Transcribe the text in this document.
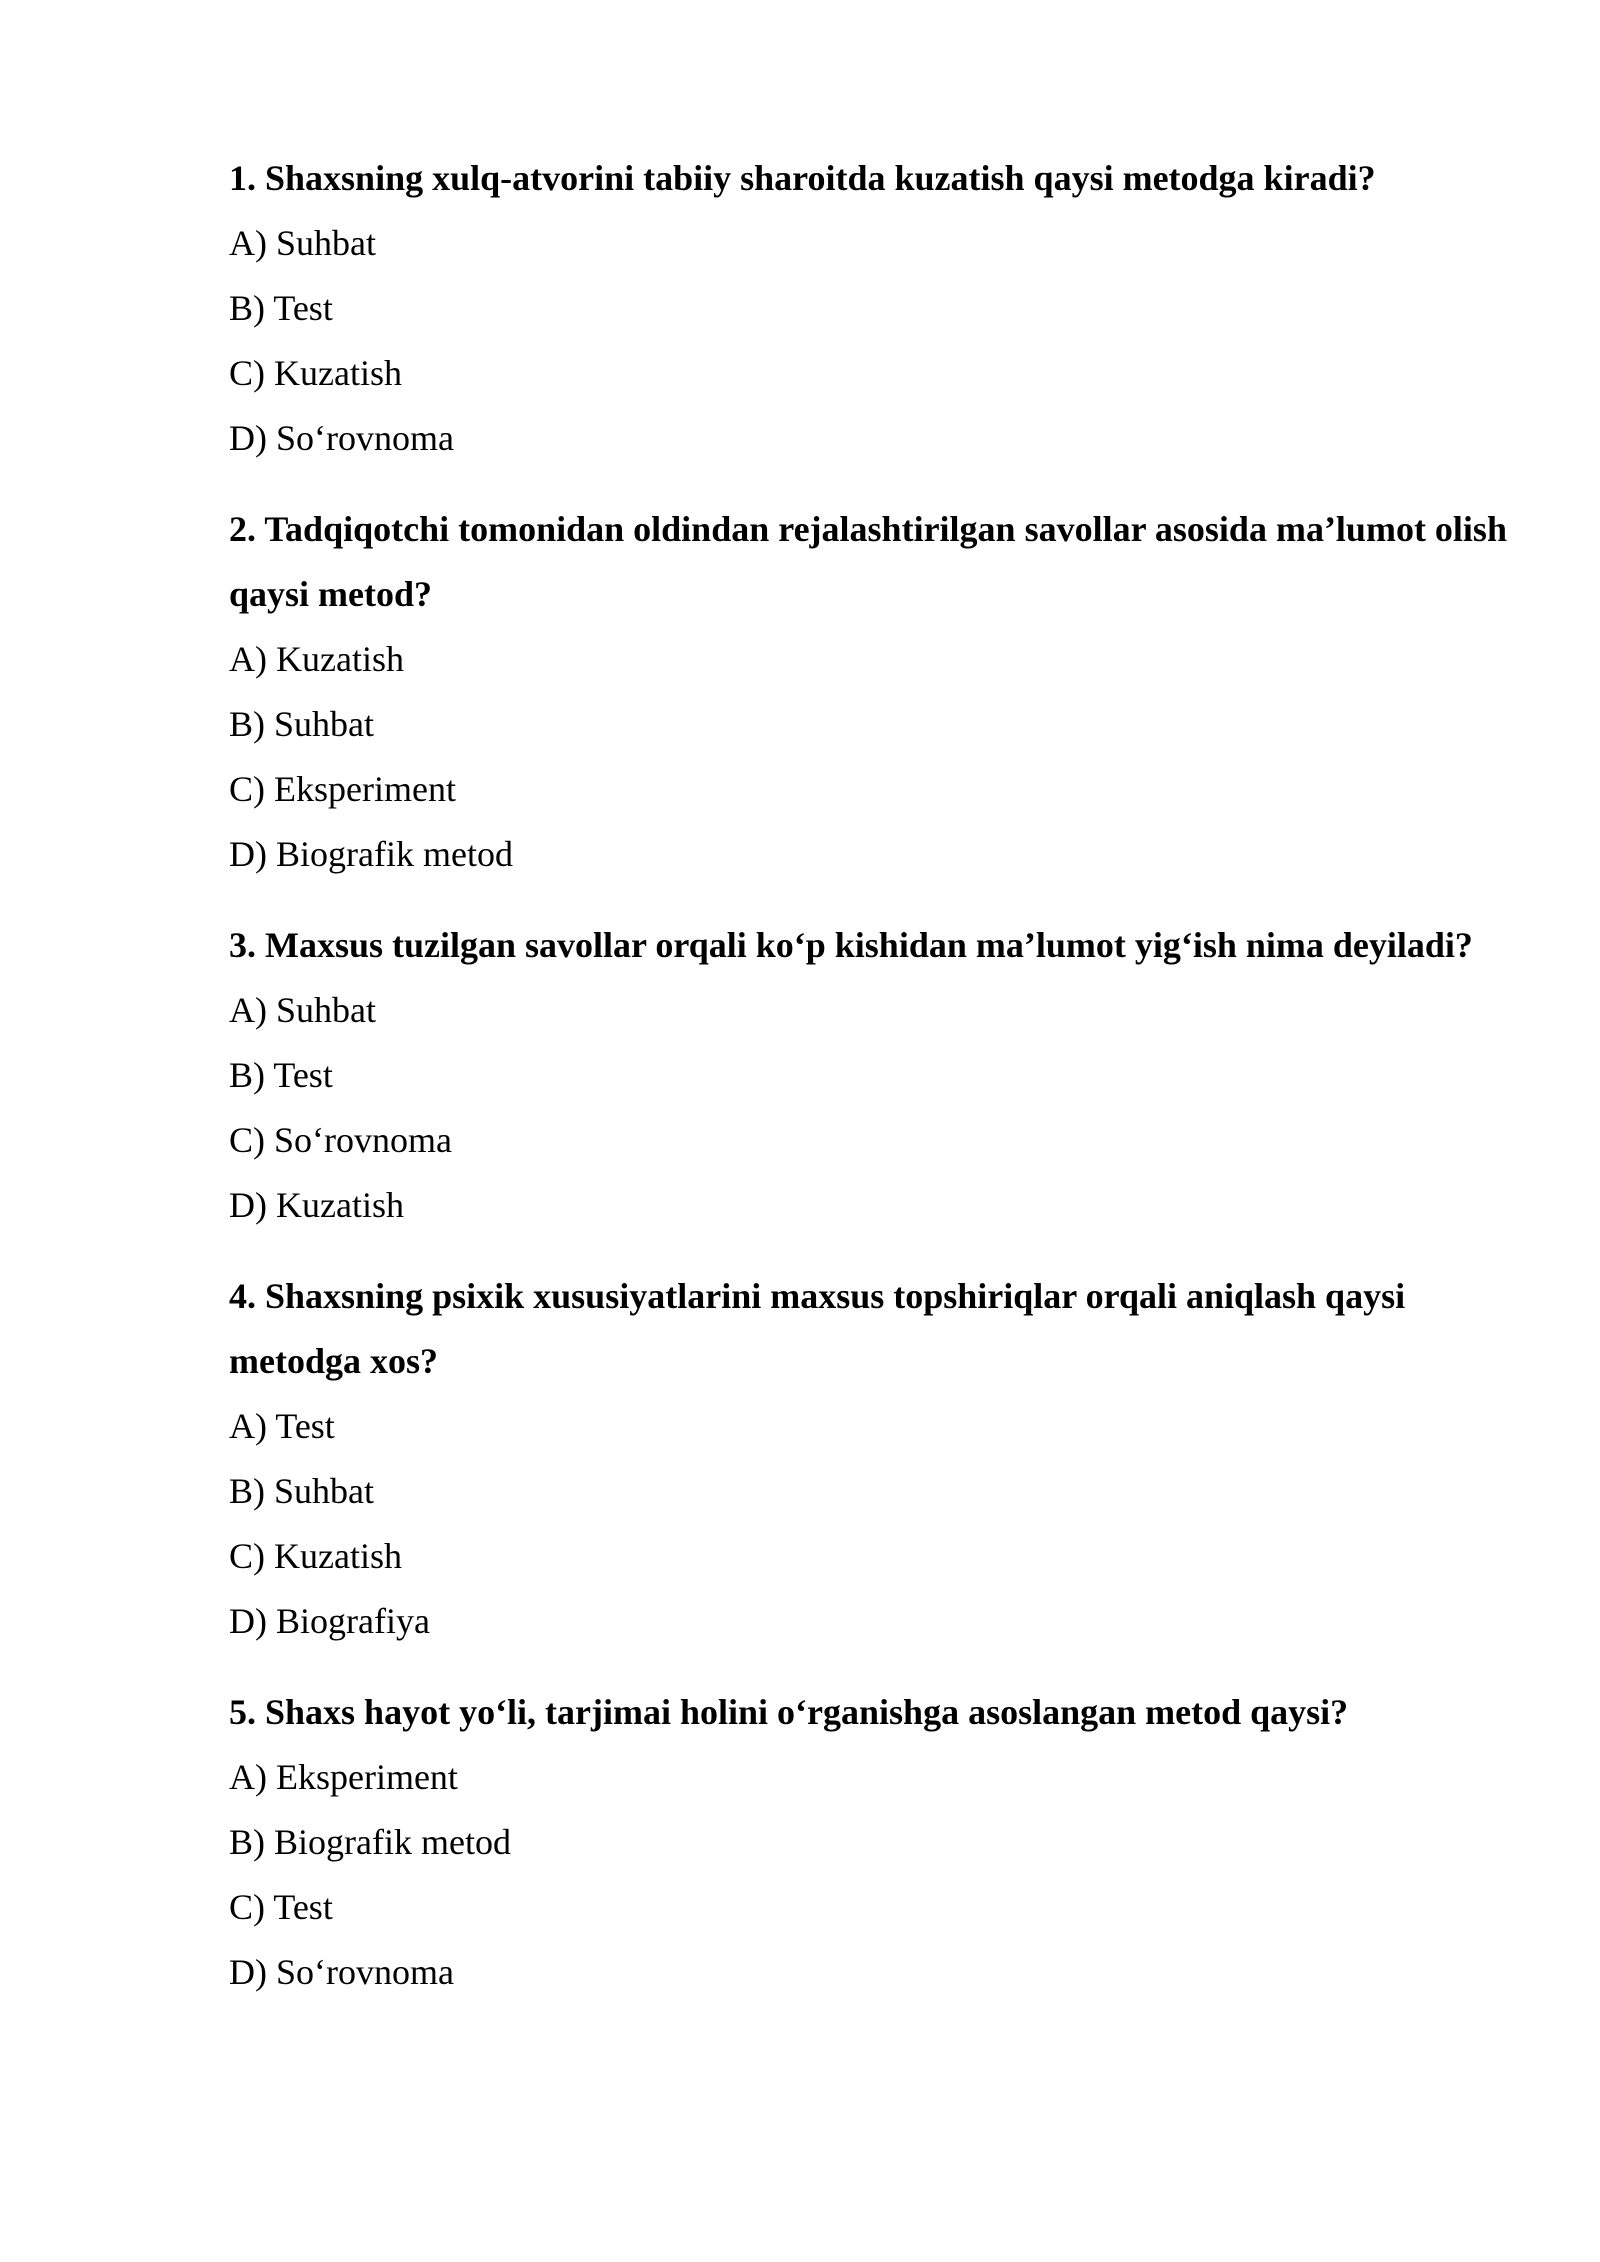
1. Shaxsning xulq-atvorini tabiiy sharoitda kuzatish qaysi metodga kiradi?

A) Suhbat

B) Test

C) Kuzatish

D) So‘rovnoma

2. Tadqiqotchi tomonidan oldindan rejalashtirilgan savollar asosida ma’lumot olish qaysi metod?

A) Kuzatish

B) Suhbat

C) Eksperiment

D) Biografik metod

3. Maxsus tuzilgan savollar orqali ko‘p kishidan ma’lumot yig‘ish nima deyiladi?

A) Suhbat

B) Test

C) So‘rovnoma

D) Kuzatish

4. Shaxsning psixik xususiyatlarini maxsus topshiriqlar orqali aniqlash qaysi metodga xos?

A) Test

B) Suhbat

C) Kuzatish

D) Biografiya

5. Shaxs hayot yo‘li, tarjimai holini o‘rganishga asoslangan metod qaysi?

A) Eksperiment

B) Biografik metod

C) Test

D) So‘rovnoma
